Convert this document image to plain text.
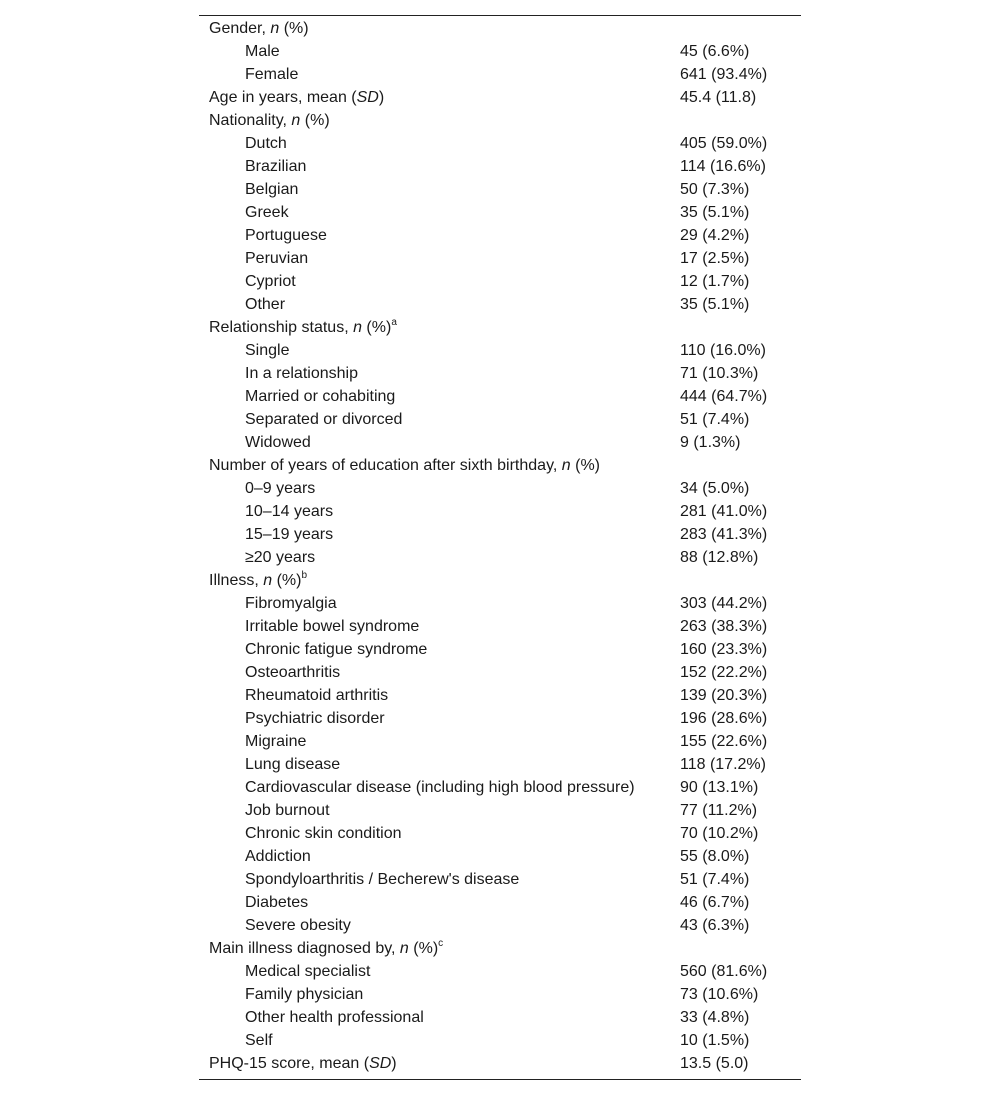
Gender, n (%)
Male	45 (6.6%)
Female	641 (93.4%)
Age in years, mean (SD)	45.4 (11.8)
Nationality, n (%)
Dutch	405 (59.0%)
Brazilian	114 (16.6%)
Belgian	50 (7.3%)
Greek	35 (5.1%)
Portuguese	29 (4.2%)
Peruvian	17 (2.5%)
Cypriot	12 (1.7%)
Other	35 (5.1%)
Relationship status, n (%)$^a$
Single	110 (16.0%)
In a relationship	71 (10.3%)
Married or cohabiting	444 (64.7%)
Separated or divorced	51 (7.4%)
Widowed	9 (1.3%)
Number of years of education after sixth birthday, n (%)
0–9 years	34 (5.0%)
10–14 years	281 (41.0%)
15–19 years	283 (41.3%)
≥20 years	88 (12.8%)
Illness, n (%)$^b$
Fibromyalgia	303 (44.2%)
Irritable bowel syndrome	263 (38.3%)
Chronic fatigue syndrome	160 (23.3%)
Osteoarthritis	152 (22.2%)
Rheumatoid arthritis	139 (20.3%)
Psychiatric disorder	196 (28.6%)
Migraine	155 (22.6%)
Lung disease	118 (17.2%)
Cardiovascular disease (including high blood pressure)	90 (13.1%)
Job burnout	77 (11.2%)
Chronic skin condition	70 (10.2%)
Addiction	55 (8.0%)
Spondyloarthritis / Becherew's disease	51 (7.4%)
Diabetes	46 (6.7%)
Severe obesity	43 (6.3%)
Main illness diagnosed by, n (%)$^c$
Medical specialist	560 (81.6%)
Family physician	73 (10.6%)
Other health professional	33 (4.8%)
Self	10 (1.5%)
PHQ-15 score, mean (SD)	13.5 (5.0)
